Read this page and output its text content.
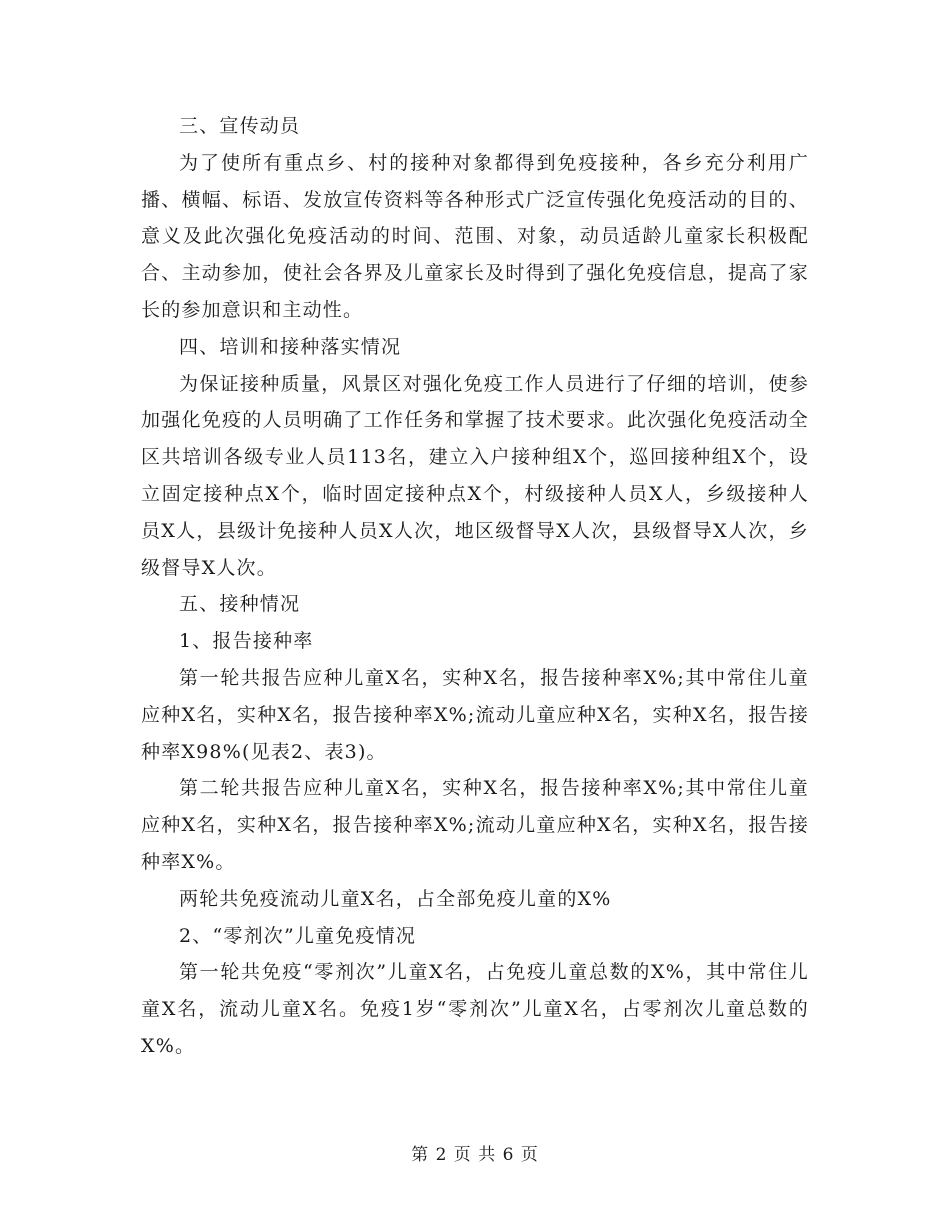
三、宣传动员

为了使所有重点乡、村的接种对象都得到免疫接种，各乡充分利用广播、横幅、标语、发放宣传资料等各种形式广泛宣传强化免疫活动的目的、意义及此次强化免疫活动的时间、范围、对象，动员适龄儿童家长积极配合、主动参加，使社会各界及儿童家长及时得到了强化免疫信息，提高了家长的参加意识和主动性。

四、培训和接种落实情况

为保证接种质量，风景区对强化免疫工作人员进行了仔细的培训，使参加强化免疫的人员明确了工作任务和掌握了技术要求。此次强化免疫活动全区共培训各级专业人员113名，建立入户接种组X个，巡回接种组X个，设立固定接种点X个，临时固定接种点X个，村级接种人员X人，乡级接种人员X人，县级计免接种人员X人次，地区级督导X人次，县级督导X人次，乡级督导X人次。

五、接种情况

1、报告接种率

第一轮共报告应种儿童X名，实种X名，报告接种率X%;其中常住儿童应种X名，实种X名，报告接种率X%;流动儿童应种X名，实种X名，报告接种率X98%(见表2、表3)。

第二轮共报告应种儿童X名，实种X名，报告接种率X%;其中常住儿童应种X名，实种X名，报告接种率X%;流动儿童应种X名，实种X名，报告接种率X%。

两轮共免疫流动儿童X名，占全部免疫儿童的X%

2、“零剂次”儿童免疫情况

第一轮共免疫“零剂次”儿童X名，占免疫儿童总数的X%，其中常住儿童X名，流动儿童X名。免疫1岁“零剂次”儿童X名，占零剂次儿童总数的X%。

第 2 页 共 6 页
